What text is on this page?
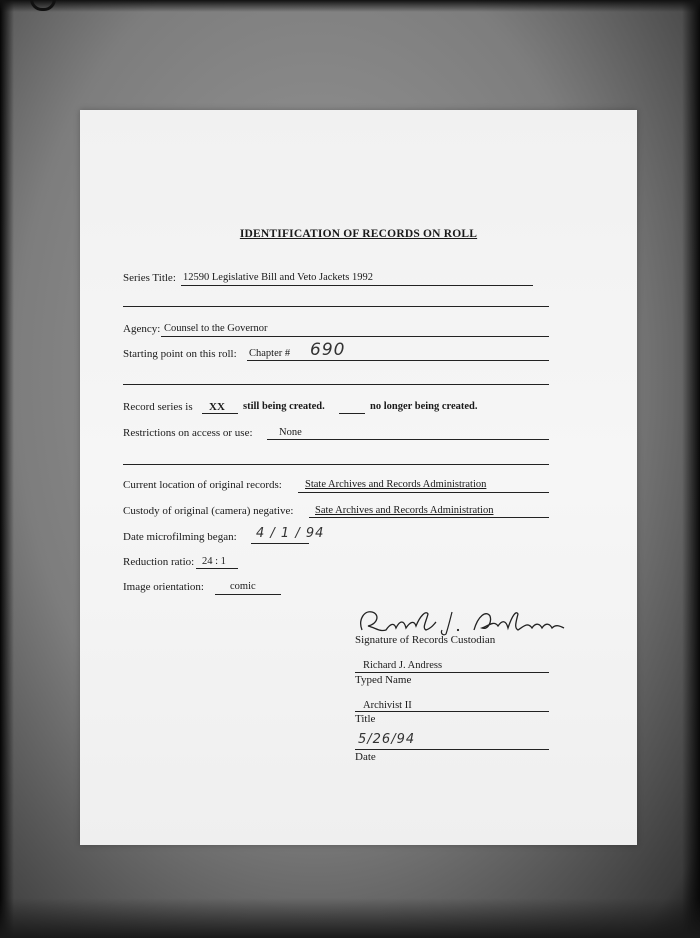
IDENTIFICATION OF RECORDS ON ROLL
Series Title: 12590 Legislative Bill and Veto Jackets 1992
Agency: Counsel to the Governor
Starting point on this roll: Chapter # 690
Record series is XX still being created.	no longer being created.
Restrictions on access or use:	None
Current location of original records: State Archives and Records Administration
Custody of original (camera) negative: Sate Archives and Records Administration
Date microfilming began: 4 / 1 / 94
Reduction ratio: 24 : 1
Image orientation: comic
Signature of Records Custodian
Richard J. Andress
Typed Name
Archivist II
Title
5/26/94
Date
